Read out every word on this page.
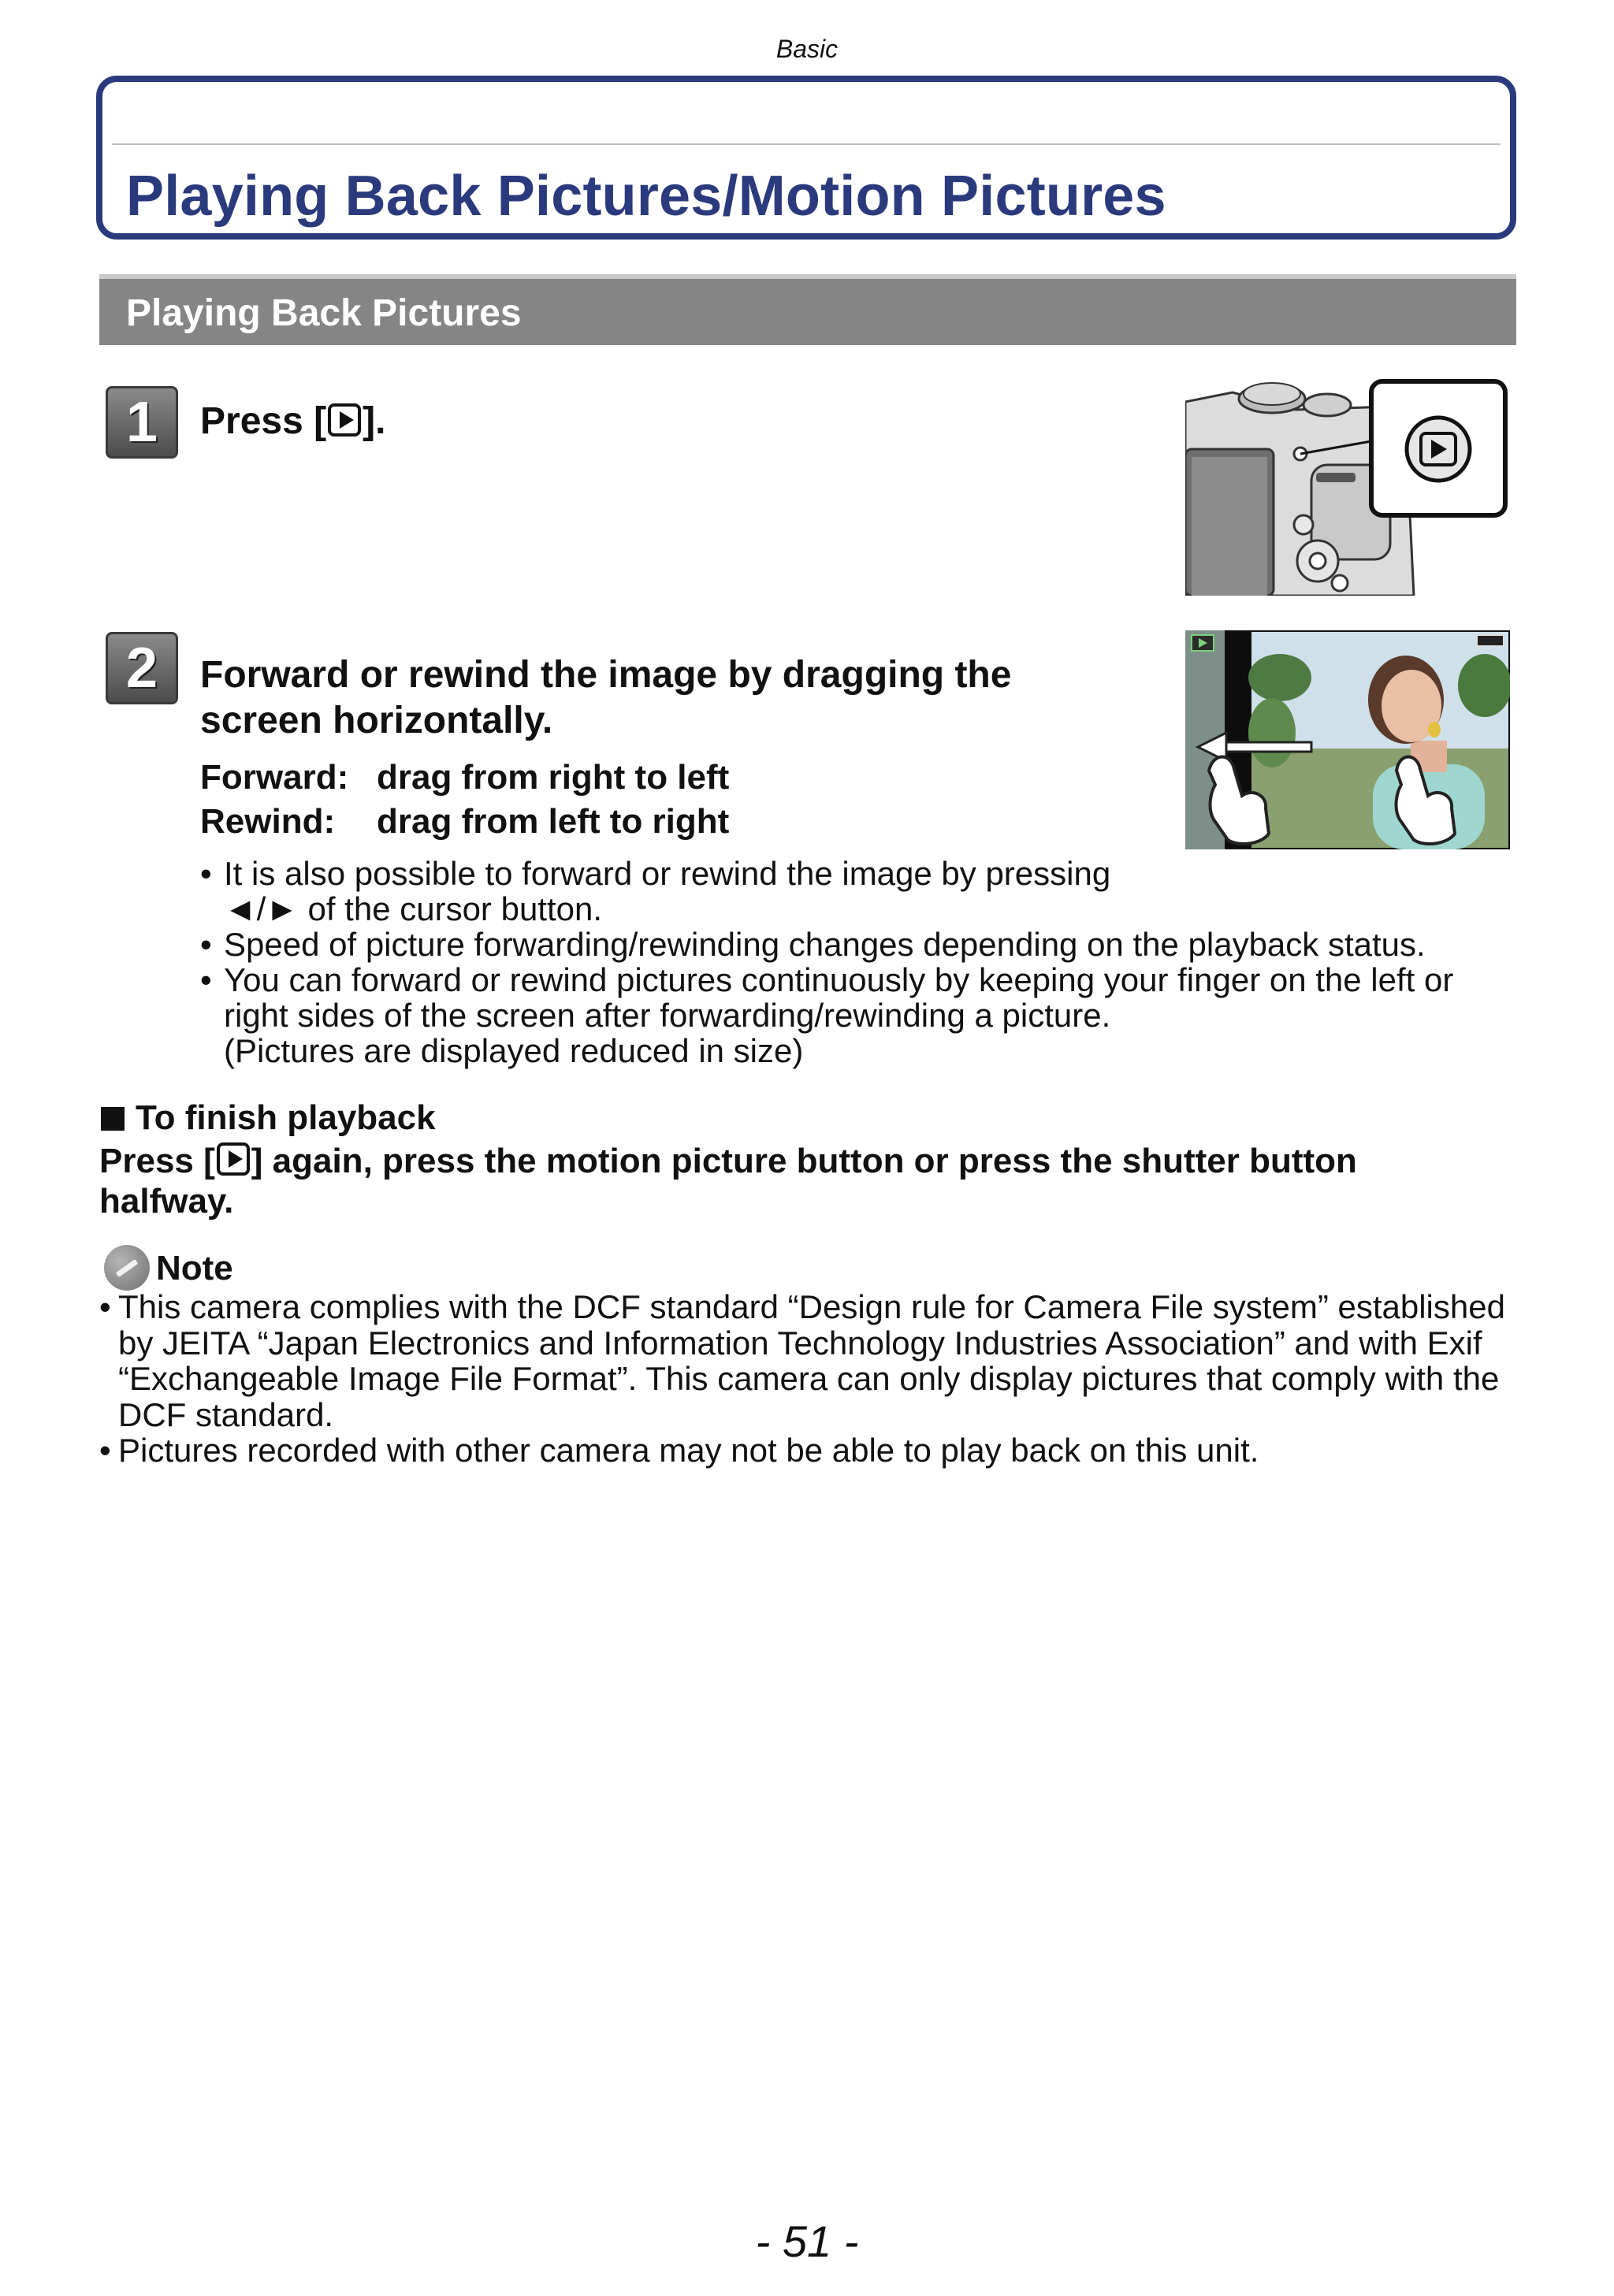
Basic
Playing Back Pictures/Motion Pictures
Playing Back Pictures
1	Press [ ].
2	Forward or rewind the image by dragging the
screen horizontally.
Forward: drag from right to left
Rewind: drag from left to right
• It is also possible to forward or rewind the image by pressing
◄/► of the cursor button.
• Speed of picture forwarding/rewinding changes depending on the playback status.
• You can forward or rewind pictures continuously by keeping your finger on the left or
right sides of the screen after forwarding/rewinding a picture.
(Pictures are displayed reduced in size)
To finish playback
Press [ ] again, press the motion picture button or press the shutter button
halfway.
Note
• This camera complies with the DCF standard “Design rule for Camera File system” established
by JEITA “Japan Electronics and Information Technology Industries Association” and with Exif
“Exchangeable Image File Format”. This camera can only display pictures that comply with the
DCF standard.
• Pictures recorded with other camera may not be able to play back on this unit.
- 51 -
